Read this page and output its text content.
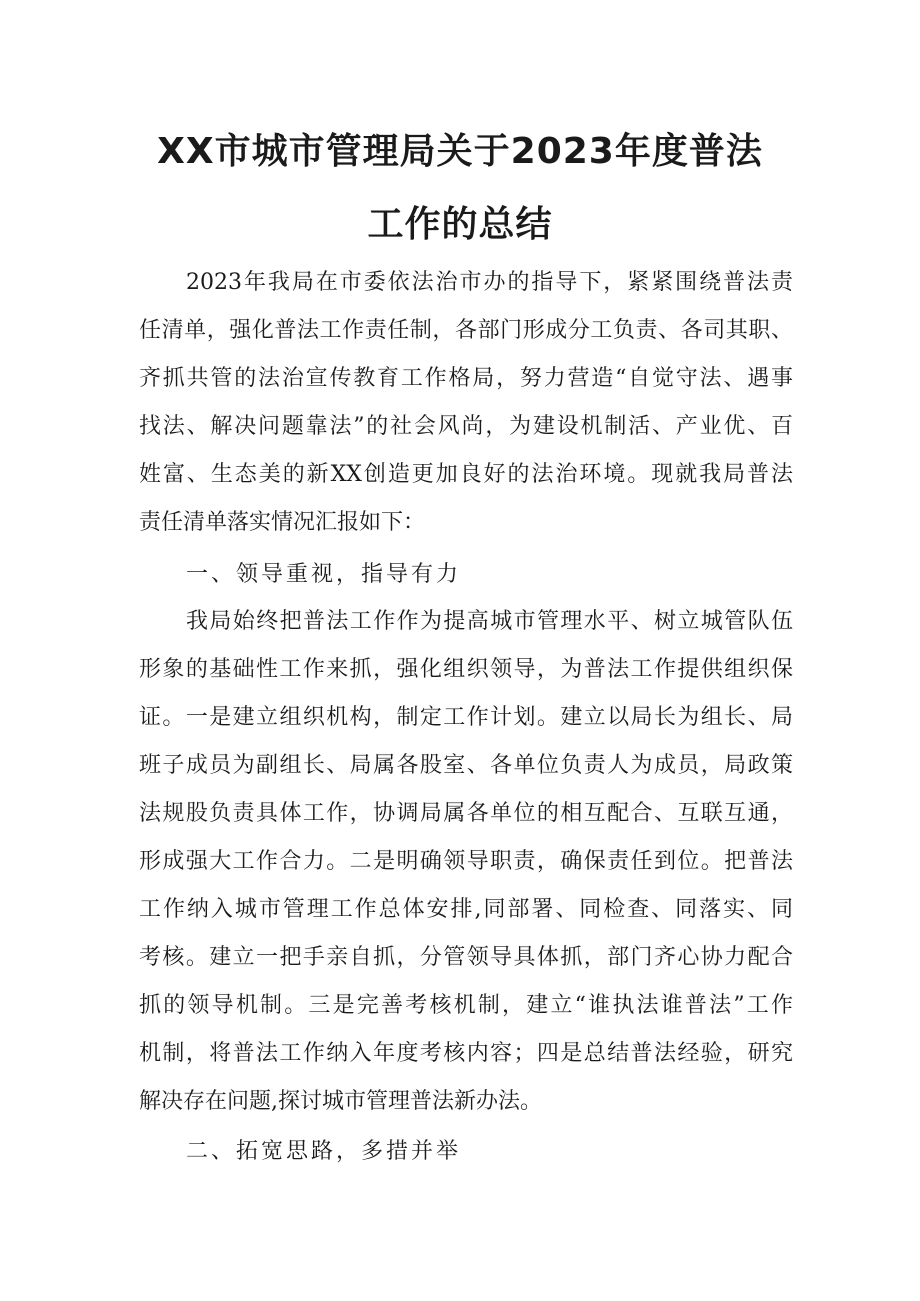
XX市城市管理局关于2023年度普法
工作的总结
2023年我局在市委依法治市办的指导下，紧紧围绕普法责
任清单，强化普法工作责任制，各部门形成分工负责、各司其职、
齐抓共管的法治宣传教育工作格局，努力营造“自觉守法、遇事
找法、解决问题靠法”的社会风尚，为建设机制活、产业优、百
姓富、生态美的新XX创造更加良好的法治环境。现就我局普法
责任清单落实情况汇报如下：
一、领导重视，指导有力
我局始终把普法工作作为提高城市管理水平、树立城管队伍
形象的基础性工作来抓，强化组织领导，为普法工作提供组织保
证。一是建立组织机构，制定工作计划。建立以局长为组长、局
班子成员为副组长、局属各股室、各单位负责人为成员，局政策
法规股负责具体工作，协调局属各单位的相互配合、互联互通，
形成强大工作合力。二是明确领导职责，确保责任到位。把普法
工作纳入城市管理工作总体安排,同部署、同检查、同落实、同
考核。建立一把手亲自抓，分管领导具体抓，部门齐心协力配合
抓的领导机制。三是完善考核机制，建立“谁执法谁普法”工作
机制，将普法工作纳入年度考核内容；四是总结普法经验，研究
解决存在问题,探讨城市管理普法新办法。
二、拓宽思路，多措并举
